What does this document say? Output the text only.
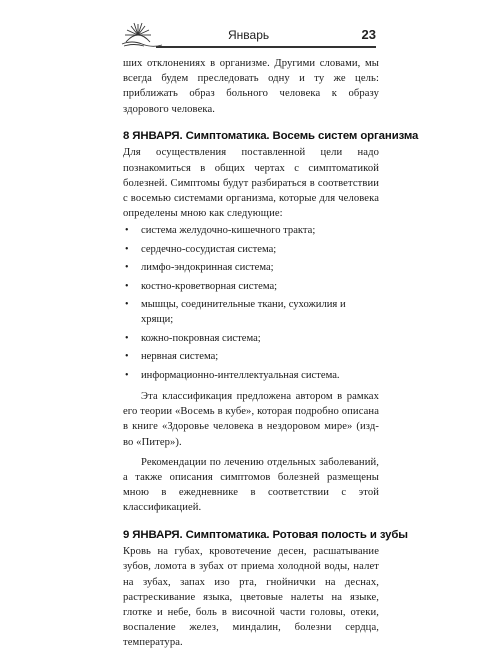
Январь	23

ших отклонениях в организме. Другими словами, мы всегда будем преследовать одну и ту же цель: приближать образ больного человека к образу здорового человека.

8 ЯНВАРЯ. Симптоматика. Восемь систем организма

Для осуществления поставленной цели надо познакомиться в общих чертах с симптоматикой болезней. Симптомы будут разбираться в соответствии с восемью системами организма, которые для человека определены мною как следующие:

• система желудочно-кишечного тракта;
• сердечно-сосудистая система;
• лимфо-эндокринная система;
• костно-кроветворная система;
• мышцы, соединительные ткани, сухожилия и хрящи;
• кожно-покровная система;
• нервная система;
• информационно-интеллектуальная система.

Эта классификация предложена автором в рамках его теории «Восемь в кубе», которая подробно описана в книге «Здоровье человека в нездоровом мире» (изд-во «Питер»).

Рекомендации по лечению отдельных заболеваний, а также описания симптомов болезней размещены мною в ежедневнике в соответствии с этой классификацией.

9 ЯНВАРЯ. Симптоматика. Ротовая полость и зубы

Кровь на губах, кровотечение десен, расшатывание зубов, ломота в зубах от приема холодной воды, налет на зубах, запах изо рта, гнойнички на деснах, растрескивание языка, цветовые налеты на языке, глотке и небе, боль в височной части головы, отеки, воспаление желез, миндалин, болезни сердца, температура.
